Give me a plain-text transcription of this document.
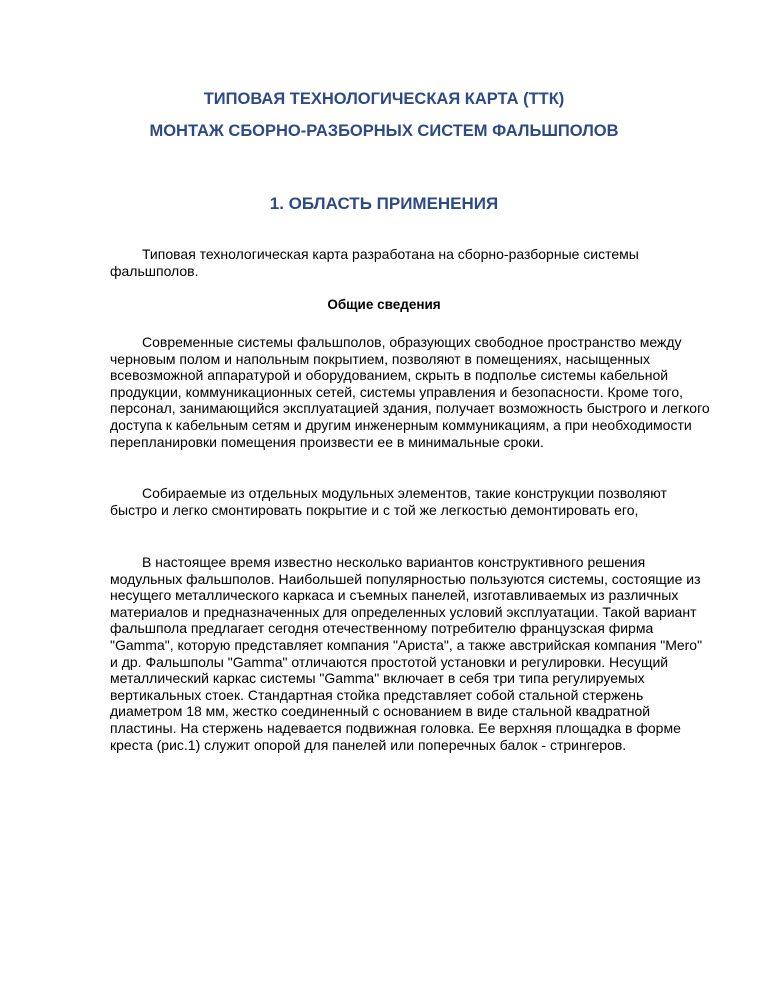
ТИПОВАЯ ТЕХНОЛОГИЧЕСКАЯ КАРТА (ТТК)
МОНТАЖ СБОРНО-РАЗБОРНЫХ СИСТЕМ ФАЛЬШПОЛОВ
1. ОБЛАСТЬ ПРИМЕНЕНИЯ

Типовая технологическая карта разработана на сборно-разборные системы фальшполов.

Общие сведения

Современные системы фальшполов, образующих свободное пространство между черновым полом и напольным покрытием, позволяют в помещениях, насыщенных всевозможной аппаратурой и оборудованием, скрыть в подполье системы кабельной продукции, коммуникационных сетей, системы управления и безопасности. Кроме того, персонал, занимающийся эксплуатацией здания, получает возможность быстрого и легкого доступа к кабельным сетям и другим инженерным коммуникациям, а при необходимости перепланировки помещения произвести ее в минимальные сроки.

Собираемые из отдельных модульных элементов, такие конструкции позволяют быстро и легко смонтировать покрытие и с той же легкостью демонтировать его,

В настоящее время известно несколько вариантов конструктивного решения модульных фальшполов. Наибольшей популярностью пользуются системы, состоящие из несущего металлического каркаса и съемных панелей, изготавливаемых из различных материалов и предназначенных для определенных условий эксплуатации. Такой вариант фальшпола предлагает сегодня отечественному потребителю французская фирма "Gamma", которую представляет компания "Ариста", а также австрийская компания "Mero" и др. Фальшполы "Gamma" отличаются простотой установки и регулировки. Несущий металлический каркас системы "Gamma" включает в себя три типа регулируемых вертикальных стоек. Стандартная стойка представляет собой стальной стержень диаметром 18 мм, жестко соединенный с основанием в виде стальной квадратной пластины. На стержень надевается подвижная головка. Ее верхняя площадка в форме креста (рис.1) служит опорой для панелей или поперечных балок - стрингеров.
